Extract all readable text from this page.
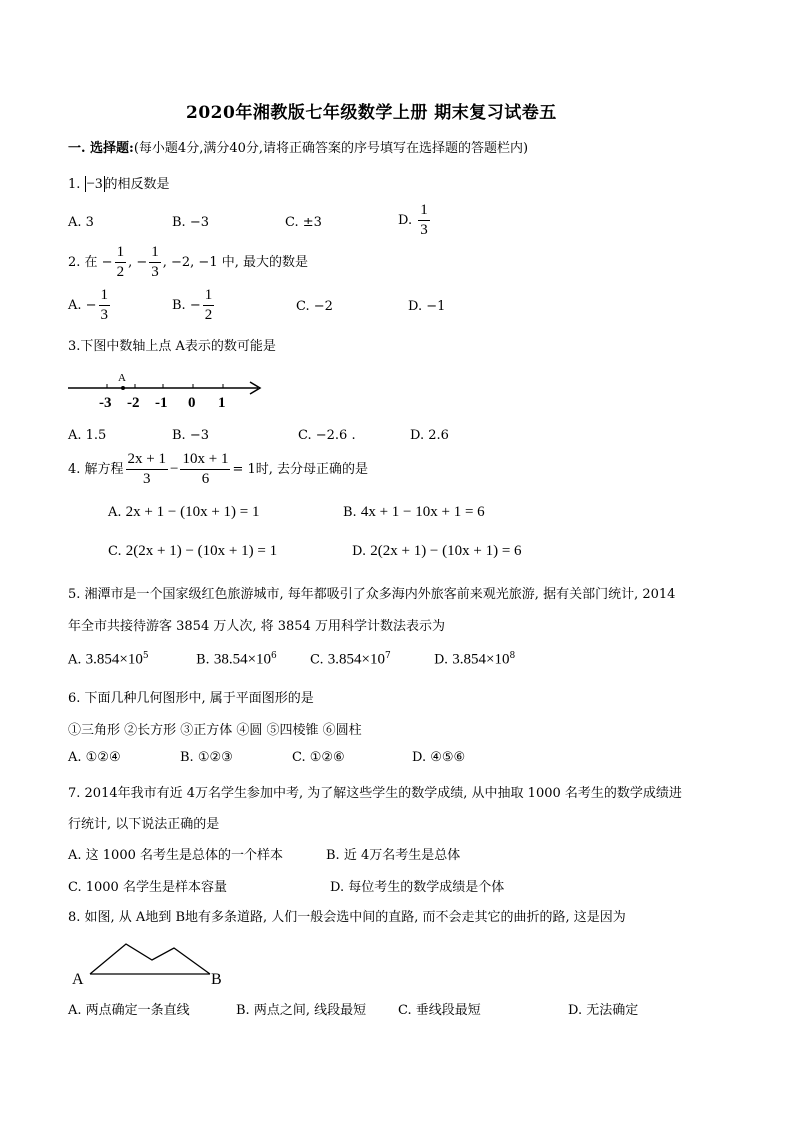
2020年湘教版七年级数学上册 期末复习试卷五
一. 选择题:(每小题4分,满分40分,请将正确答案的序号填写在选择题的答题栏内)
1. −3 的相反数是
A. 3	B. −3	C. ±3	D. $\frac{1}{3}$
2. 在 − $\frac{1}{2}$ , − $\frac{1}{3}$ , −2, −1 中, 最大的数是
A. − $\frac{1}{3}$	B. − $\frac{1}{2}$	C. −2	D. −1
3.下图中数轴上点 A表示的数可能是
A
-3 -2 -1 0 1
A. 1.5	B. −3	C. −2.6 .	D. 2.6
4. 解方程 $\frac{2x + 1}{3} - \frac{10x + 1}{6} = 1$时, 去分母正确的是
A. 2x + 1 − (10x + 1) = 1	B. 4x + 1 − 10x + 1 = 6
C. 2(2x + 1) − (10x + 1) = 1	D. 2(2x + 1) − (10x + 1) = 6
5. 湘潭市是一个国家级红色旅游城市, 每年都吸引了众多海内外旅客前来观光旅游, 据有关部门统计, 2014
年全市共接待游客 3854 万人次, 将 3854 万用科学计数法表示为
A. $3.854\times 10^5$	B. $38.54\times 10^6$	C. $3.854\times 10^7$	D. $3.854\times 10^8$
6. 下面几种几何图形中, 属于平面图形的是
①三角形 ②长方形 ③正方体 ④圆 ⑤四棱锥 ⑥圆柱
A. ①②④	B. ①②③	C. ①②⑥	D. ④⑤⑥
7. 2014年我市有近 4万名学生参加中考, 为了解这些学生的数学成绩, 从中抽取 1000 名考生的数学成绩进
行统计, 以下说法正确的是
A. 这 1000 名考生是总体的一个样本	B. 近 4万名考生是总体
C. 1000 名学生是样本容量	D. 每位考生的数学成绩是个体
8. 如图, 从 A地到 B地有多条道路, 人们一般会选中间的直路, 而不会走其它的曲折的路, 这是因为
A	B
A. 两点确定一条直线	B. 两点之间, 线段最短 C. 垂线段最短	D. 无法确定
